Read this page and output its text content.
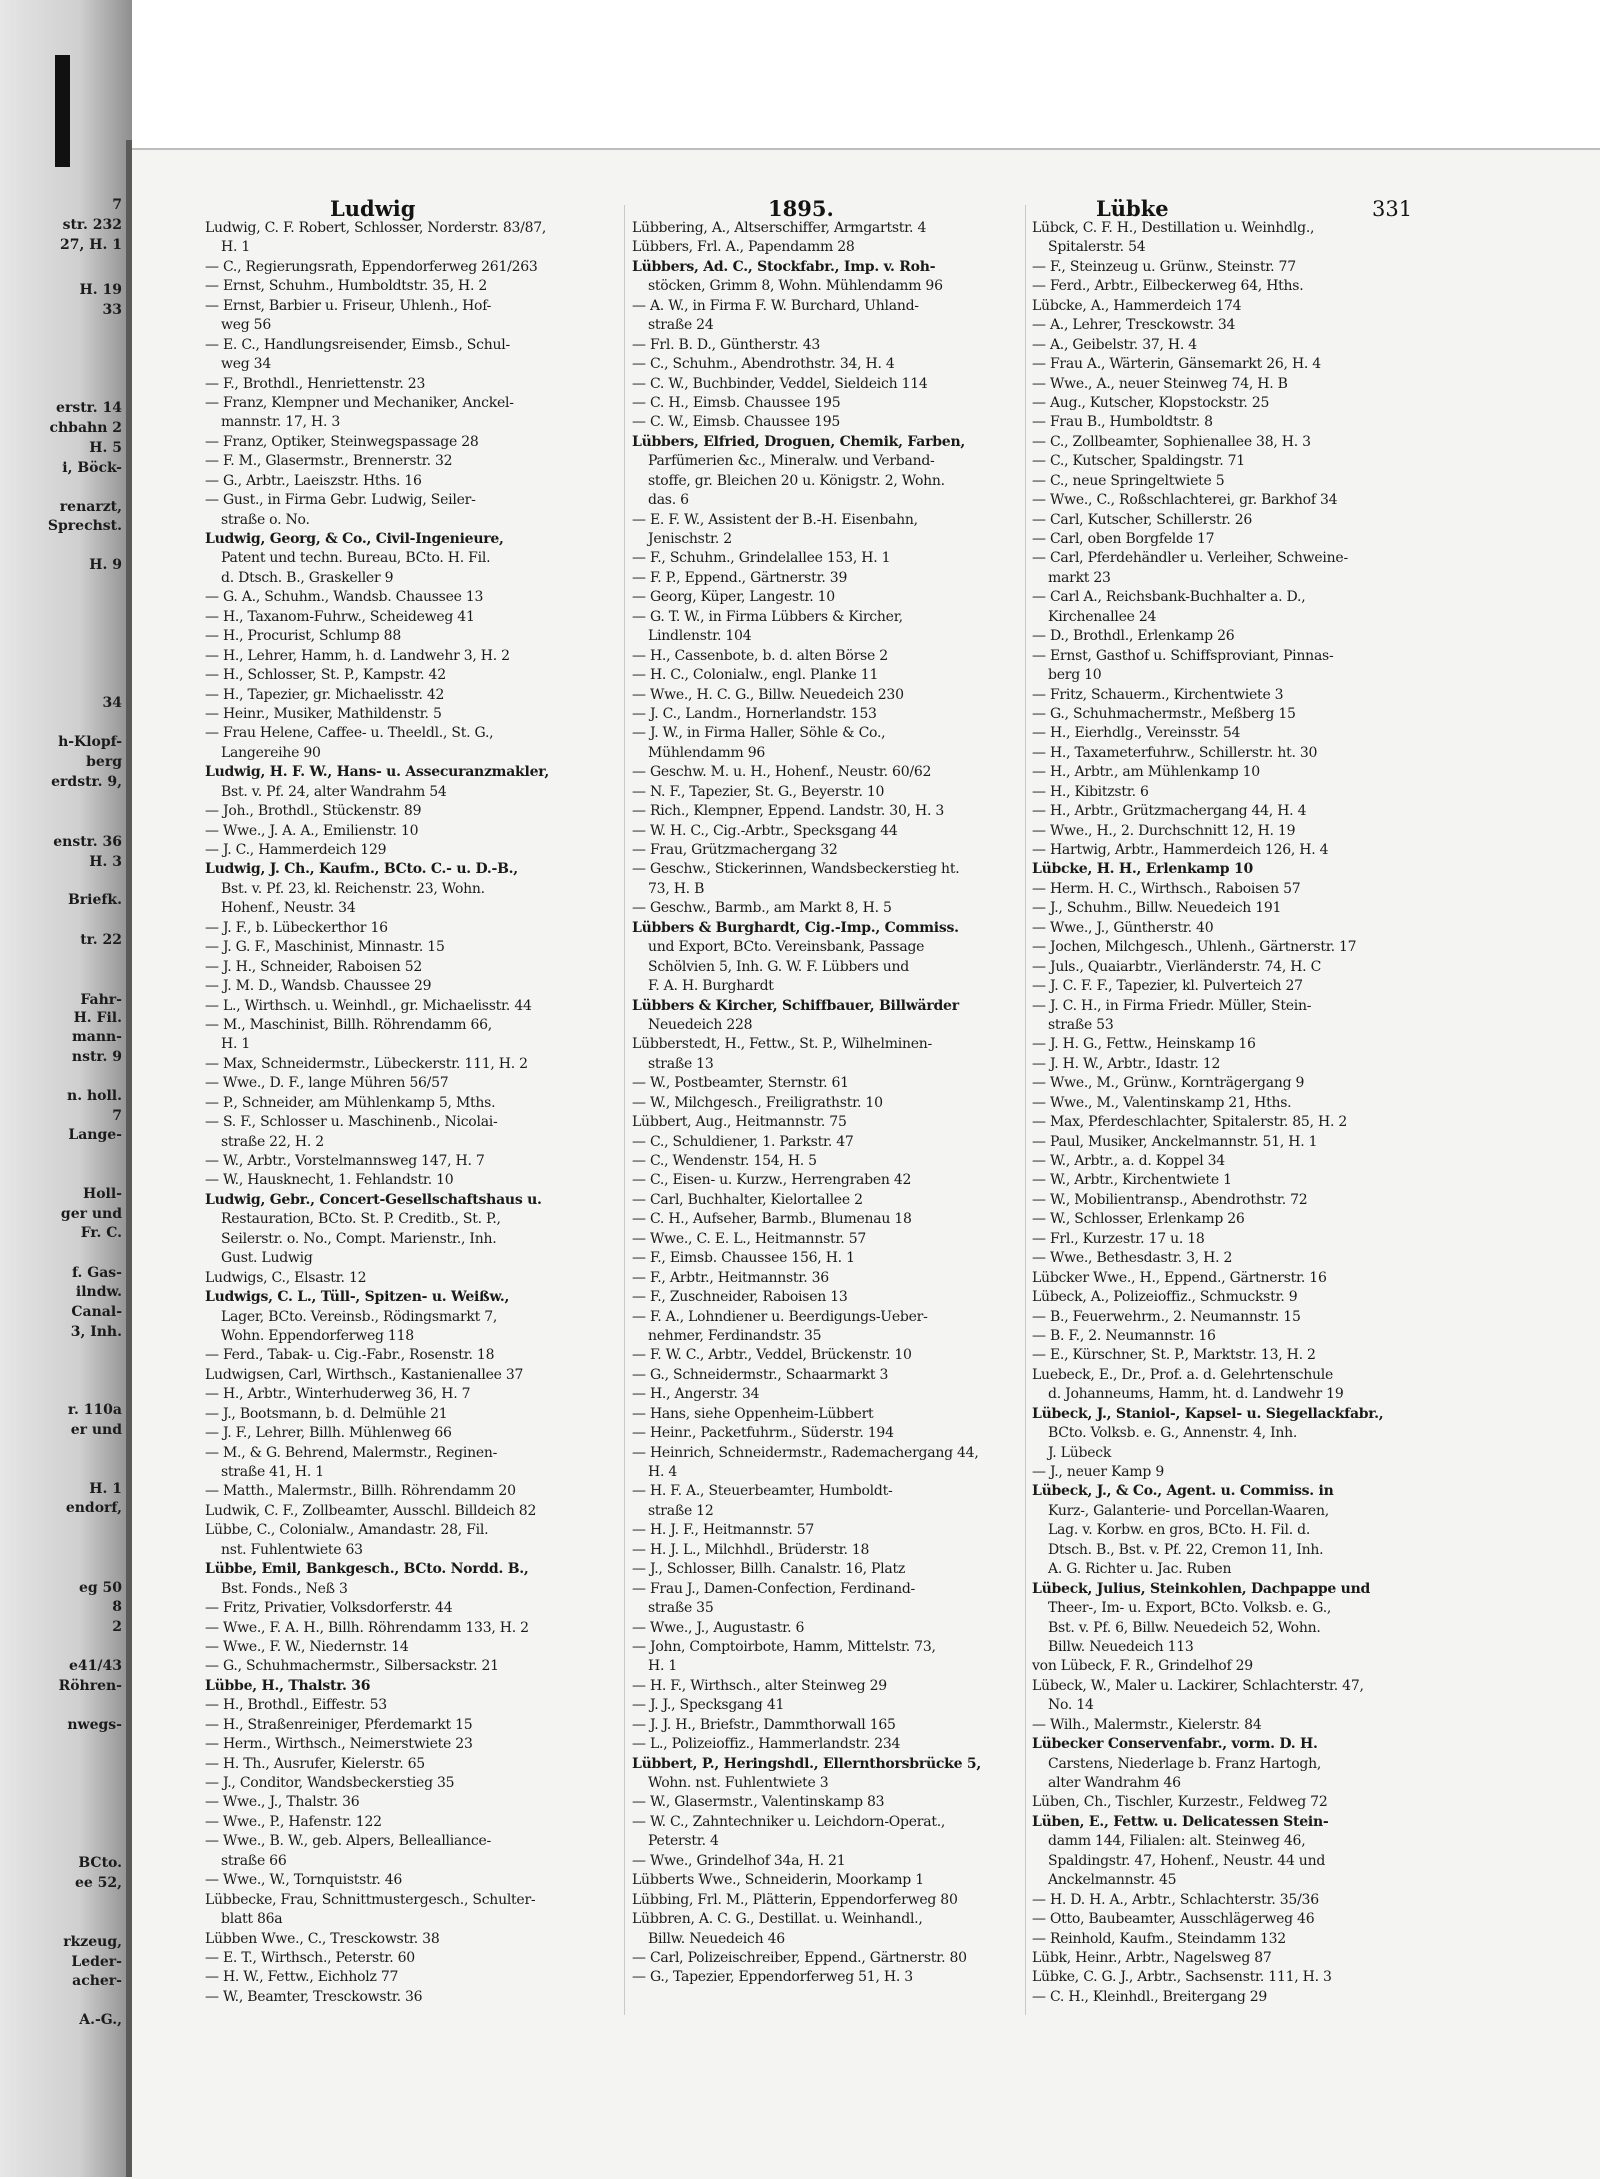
7
str. 232
27, H. 1
H. 19
33
erstr. 14
chbahn 2
H. 5
i, Böck-
renarzt,
Sprechst.
H. 9
34
h-Klopf-
berg
erdstr. 9,
enstr. 36
H. 3
Briefk.
tr. 22
Fahr-
H. Fil.
mann-
nstr. 9
n. holl.
7
Lange-
Holl-
ger und
Fr. C.
f. Gas-
ilndw.
Canal-
3, Inh.
r. 110a
er und
H. 1
endorf,
eg 50
8
2
e41/43
Röhren-
nwegs-
BCto.
ee 52,
rkzeug,
Leder-
acher-
A.-G.,
Ludwig	1895.	Lübke	331
Ludwig, C. F. Robert, Schlosser, Norderstr. 83/87,
H. 1
— C., Regierungsrath, Eppendorferweg 261/263
— Ernst, Schuhm., Humboldtstr. 35, H. 2
— Ernst, Barbier u. Friseur, Uhlenh., Hof-
weg 56
— E. C., Handlungsreisender, Eimsb., Schul-
weg 34
— F., Brothdl., Henriettenstr. 23
— Franz, Klempner und Mechaniker, Anckel-
mannstr. 17, H. 3
— Franz, Optiker, Steinwegspassage 28
— F. M., Glasermstr., Brennerstr. 32
— G., Arbtr., Laeiszstr. Hths. 16
— Gust., in Firma Gebr. Ludwig, Seiler-
straße o. No.
Ludwig, Georg, & Co., Civil-Ingenieure,
Patent und techn. Bureau, BCto. H. Fil.
d. Dtsch. B., Graskeller 9
— G. A., Schuhm., Wandsb. Chaussee 13
— H., Taxanom-Fuhrw., Scheideweg 41
— H., Procurist, Schlump 88
— H., Lehrer, Hamm, h. d. Landwehr 3, H. 2
— H., Schlosser, St. P., Kampstr. 42
— H., Tapezier, gr. Michaelisstr. 42
— Heinr., Musiker, Mathildenstr. 5
— Frau Helene, Caffee- u. Theeldl., St. G.,
Langereihe 90
Ludwig, H. F. W., Hans- u. Assecuranzmakler,
Bst. v. Pf. 24, alter Wandrahm 54
— Joh., Brothdl., Stückenstr. 89
— Wwe., J. A. A., Emilienstr. 10
— J. C., Hammerdeich 129
Ludwig, J. Ch., Kaufm., BCto. C.- u. D.-B.,
Bst. v. Pf. 23, kl. Reichenstr. 23, Wohn.
Hohenf., Neustr. 34
— J. F., b. Lübeckerthor 16
— J. G. F., Maschinist, Minnastr. 15
— J. H., Schneider, Raboisen 52
— J. M. D., Wandsb. Chaussee 29
— L., Wirthsch. u. Weinhdl., gr. Michaelisstr. 44
— M., Maschinist, Billh. Röhrendamm 66,
H. 1
— Max, Schneidermstr., Lübeckerstr. 111, H. 2
— Wwe., D. F., lange Mühren 56/57
— P., Schneider, am Mühlenkamp 5, Mths.
— S. F., Schlosser u. Maschinenb., Nicolai-
straße 22, H. 2
— W., Arbtr., Vorstelmannsweg 147, H. 7
— W., Hausknecht, 1. Fehlandstr. 10
Ludwig, Gebr., Concert-Gesellschaftshaus u.
Restauration, BCto. St. P. Creditb., St. P.,
Seilerstr. o. No., Compt. Marienstr., Inh.
Gust. Ludwig
Ludwigs, C., Elsastr. 12
Ludwigs, C. L., Tüll-, Spitzen- u. Weißw.,
Lager, BCto. Vereinsb., Rödingsmarkt 7,
Wohn. Eppendorferweg 118
— Ferd., Tabak- u. Cig.-Fabr., Rosenstr. 18
Ludwigsen, Carl, Wirthsch., Kastanienallee 37
— H., Arbtr., Winterhuderweg 36, H. 7
— J., Bootsmann, b. d. Delmühle 21
— J. F., Lehrer, Billh. Mühlenweg 66
— M., & G. Behrend, Malermstr., Reginen-
straße 41, H. 1
— Matth., Malermstr., Billh. Röhrendamm 20
Ludwik, C. F., Zollbeamter, Ausschl. Billdeich 82
Lübbe, C., Colonialw., Amandastr. 28, Fil.
nst. Fuhlentwiete 63
Lübbe, Emil, Bankgesch., BCto. Nordd. B.,
Bst. Fonds., Neß 3
— Fritz, Privatier, Volksdorferstr. 44
— Wwe., F. A. H., Billh. Röhrendamm 133, H. 2
— Wwe., F. W., Niedernstr. 14
— G., Schuhmachermstr., Silbersackstr. 21
Lübbe, H., Thalstr. 36
— H., Brothdl., Eiffestr. 53
— H., Straßenreiniger, Pferdemarkt 15
— Herm., Wirthsch., Neimerstwiete 23
— H. Th., Ausrufer, Kielerstr. 65
— J., Conditor, Wandsbeckerstieg 35
— Wwe., J., Thalstr. 36
— Wwe., P., Hafenstr. 122
— Wwe., B. W., geb. Alpers, Bellealliance-
straße 66
— Wwe., W., Tornquiststr. 46
Lübbecke, Frau, Schnittmustergesch., Schulter-
blatt 86a
Lübben Wwe., C., Tresckowstr. 38
— E. T., Wirthsch., Peterstr. 60
— H. W., Fettw., Eichholz 77
— W., Beamter, Tresckowstr. 36
Lübbering, A., Altserschiffer, Armgartstr. 4
Lübbers, Frl. A., Papendamm 28
Lübbers, Ad. C., Stockfabr., Imp. v. Roh-
stöcken, Grimm 8, Wohn. Mühlendamm 96
— A. W., in Firma F. W. Burchard, Uhland-
straße 24
— Frl. B. D., Güntherstr. 43
— C., Schuhm., Abendrothstr. 34, H. 4
— C. W., Buchbinder, Veddel, Sieldeich 114
— C. H., Eimsb. Chaussee 195
— C. W., Eimsb. Chaussee 195
Lübbers, Elfried, Droguen, Chemik, Farben,
Parfümerien &c., Mineralw. und Verband-
stoffe, gr. Bleichen 20 u. Königstr. 2, Wohn.
das. 6
— E. F. W., Assistent der B.-H. Eisenbahn,
Jenischstr. 2
— F., Schuhm., Grindelallee 153, H. 1
— F. P., Eppend., Gärtnerstr. 39
— Georg, Küper, Langestr. 10
— G. T. W., in Firma Lübbers & Kircher,
Lindlenstr. 104
— H., Cassenbote, b. d. alten Börse 2
— H. C., Colonialw., engl. Planke 11
— Wwe., H. C. G., Billw. Neuedeich 230
— J. C., Landm., Hornerlandstr. 153
— J. W., in Firma Haller, Söhle & Co.,
Mühlendamm 96
— Geschw. M. u. H., Hohenf., Neustr. 60/62
— N. F., Tapezier, St. G., Beyerstr. 10
— Rich., Klempner, Eppend. Landstr. 30, H. 3
— W. H. C., Cig.-Arbtr., Specksgang 44
— Frau, Grützmachergang 32
— Geschw., Stickerinnen, Wandsbeckerstieg ht.
73, H. B
— Geschw., Barmb., am Markt 8, H. 5
Lübbers & Burghardt, Cig.-Imp., Commiss.
und Export, BCto. Vereinsbank, Passage
Schölvien 5, Inh. G. W. F. Lübbers und
F. A. H. Burghardt
Lübbers & Kircher, Schiffbauer, Billwärder
Neuedeich 228
Lübberstedt, H., Fettw., St. P., Wilhelminen-
straße 13
— W., Postbeamter, Sternstr. 61
— W., Milchgesch., Freiligrathstr. 10
Lübbert, Aug., Heitmannstr. 75
— C., Schuldiener, 1. Parkstr. 47
— C., Wendenstr. 154, H. 5
— C., Eisen- u. Kurzw., Herrengraben 42
— Carl, Buchhalter, Kielortallee 2
— C. H., Aufseher, Barmb., Blumenau 18
— Wwe., C. E. L., Heitmannstr. 57
— F., Eimsb. Chaussee 156, H. 1
— F., Arbtr., Heitmannstr. 36
— F., Zuschneider, Raboisen 13
— F. A., Lohndiener u. Beerdigungs-Ueber-
nehmer, Ferdinandstr. 35
— F. W. C., Arbtr., Veddel, Brückenstr. 10
— G., Schneidermstr., Schaarmarkt 3
— H., Angerstr. 34
— Hans, siehe Oppenheim-Lübbert
— Heinr., Packetfuhrm., Süderstr. 194
— Heinrich, Schneidermstr., Rademachergang 44,
H. 4
— H. F. A., Steuerbeamter, Humboldt-
straße 12
— H. J. F., Heitmannstr. 57
— H. J. L., Milchhdl., Brüderstr. 18
— J., Schlosser, Billh. Canalstr. 16, Platz
— Frau J., Damen-Confection, Ferdinand-
straße 35
— Wwe., J., Augustastr. 6
— John, Comptoirbote, Hamm, Mittelstr. 73,
H. 1
— H. F., Wirthsch., alter Steinweg 29
— J. J., Specksgang 41
— J. J. H., Briefstr., Dammthorwall 165
— L., Polizeioffiz., Hammerlandstr. 234
Lübbert, P., Heringshdl., Ellernthorsbrücke 5,
Wohn. nst. Fuhlentwiete 3
— W., Glasermstr., Valentinskamp 83
— W. C., Zahntechniker u. Leichdorn-Operat.,
Peterstr. 4
— Wwe., Grindelhof 34a, H. 21
Lübberts Wwe., Schneiderin, Moorkamp 1
Lübbing, Frl. M., Plätterin, Eppendorferweg 80
Lübbren, A. C. G., Destillat. u. Weinhandl.,
Billw. Neuedeich 46
— Carl, Polizeischreiber, Eppend., Gärtnerstr. 80
— G., Tapezier, Eppendorferweg 51, H. 3
Lübck, C. F. H., Destillation u. Weinhdlg.,
Spitalerstr. 54
— F., Steinzeug u. Grünw., Steinstr. 77
— Ferd., Arbtr., Eilbeckerweg 64, Hths.
Lübcke, A., Hammerdeich 174
— A., Lehrer, Tresckowstr. 34
— A., Geibelstr. 37, H. 4
— Frau A., Wärterin, Gänsemarkt 26, H. 4
— Wwe., A., neuer Steinweg 74, H. B
— Aug., Kutscher, Klopstockstr. 25
— Frau B., Humboldtstr. 8
— C., Zollbeamter, Sophienallee 38, H. 3
— C., Kutscher, Spaldingstr. 71
— C., neue Springeltwiete 5
— Wwe., C., Roßschlachterei, gr. Barkhof 34
— Carl, Kutscher, Schillerstr. 26
— Carl, oben Borgfelde 17
— Carl, Pferdehändler u. Verleiher, Schweine-
markt 23
— Carl A., Reichsbank-Buchhalter a. D.,
Kirchenallee 24
— D., Brothdl., Erlenkamp 26
— Ernst, Gasthof u. Schiffsproviant, Pinnas-
berg 10
— Fritz, Schauerm., Kirchentwiete 3
— G., Schuhmachermstr., Meßberg 15
— H., Eierhdlg., Vereinsstr. 54
— H., Taxameterfuhrw., Schillerstr. ht. 30
— H., Arbtr., am Mühlenkamp 10
— H., Kibitzstr. 6
— H., Arbtr., Grützmachergang 44, H. 4
— Wwe., H., 2. Durchschnitt 12, H. 19
— Hartwig, Arbtr., Hammerdeich 126, H. 4
Lübcke, H. H., Erlenkamp 10
— Herm. H. C., Wirthsch., Raboisen 57
— J., Schuhm., Billw. Neuedeich 191
— Wwe., J., Güntherstr. 40
— Jochen, Milchgesch., Uhlenh., Gärtnerstr. 17
— Juls., Quaiarbtr., Vierländerstr. 74, H. C
— J. C. F. F., Tapezier, kl. Pulverteich 27
— J. C. H., in Firma Friedr. Müller, Stein-
straße 53
— J. H. G., Fettw., Heinskamp 16
— J. H. W., Arbtr., Idastr. 12
— Wwe., M., Grünw., Kornträgergang 9
— Wwe., M., Valentinskamp 21, Hths.
— Max, Pferdeschlachter, Spitalerstr. 85, H. 2
— Paul, Musiker, Anckelmannstr. 51, H. 1
— W., Arbtr., a. d. Koppel 34
— W., Arbtr., Kirchentwiete 1
— W., Mobilientransp., Abendrothstr. 72
— W., Schlosser, Erlenkamp 26
— Frl., Kurzestr. 17 u. 18
— Wwe., Bethesdastr. 3, H. 2
Lübcker Wwe., H., Eppend., Gärtnerstr. 16
Lübeck, A., Polizeioffiz., Schmuckstr. 9
— B., Feuerwehrm., 2. Neumannstr. 15
— B. F., 2. Neumannstr. 16
— E., Kürschner, St. P., Marktstr. 13, H. 2
Luebeck, E., Dr., Prof. a. d. Gelehrtenschule
d. Johanneums, Hamm, ht. d. Landwehr 19
Lübeck, J., Staniol-, Kapsel- u. Siegellackfabr.,
BCto. Volksb. e. G., Annenstr. 4, Inh.
J. Lübeck
— J., neuer Kamp 9
Lübeck, J., & Co., Agent. u. Commiss. in
Kurz-, Galanterie- und Porcellan-Waaren,
Lag. v. Korbw. en gros, BCto. H. Fil. d.
Dtsch. B., Bst. v. Pf. 22, Cremon 11, Inh.
A. G. Richter u. Jac. Ruben
Lübeck, Julius, Steinkohlen, Dachpappe und
Theer-, Im- u. Export, BCto. Volksb. e. G.,
Bst. v. Pf. 6, Billw. Neuedeich 52, Wohn.
Billw. Neuedeich 113
von Lübeck, F. R., Grindelhof 29
Lübeck, W., Maler u. Lackirer, Schlachterstr. 47,
No. 14
— Wilh., Malermstr., Kielerstr. 84
Lübecker Conservenfabr., vorm. D. H.
Carstens, Niederlage b. Franz Hartogh,
alter Wandrahm 46
Lüben, Ch., Tischler, Kurzestr., Feldweg 72
Lüben, E., Fettw. u. Delicatessen Stein-
damm 144, Filialen: alt. Steinweg 46,
Spaldingstr. 47, Hohenf., Neustr. 44 und
Anckelmannstr. 45
— H. D. H. A., Arbtr., Schlachterstr. 35/36
— Otto, Baubeamter, Ausschlägerweg 46
— Reinhold, Kaufm., Steindamm 132
Lübk, Heinr., Arbtr., Nagelsweg 87
Lübke, C. G. J., Arbtr., Sachsenstr. 111, H. 3
— C. H., Kleinhdl., Breitergang 29
